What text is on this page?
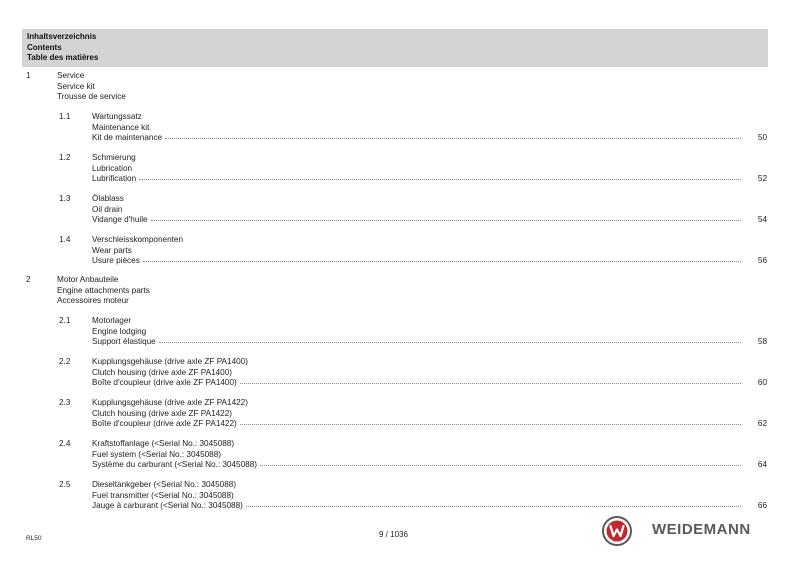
Inhaltsverzeichnis
Contents
Table des matières
1	Service
Service kit
Trousse de service
1.1	Wartungssatz
Maintenance kit
Kit de maintenance	50
1.2	Schmierung
Lubrication
Lubrification	52
1.3	Ölablass
Oil drain
Vidange d'huile	54
1.4	Verschleisskomponenten
Wear parts
Usure pièces	56
2	Motor Anbauteile
Engine attachments parts
Accessoires moteur
2.1	Motorlager
Engine lodging
Support élastique	58
2.2	Kupplungsgehäuse (drive axle ZF PA1400)
Clutch housing (drive axle ZF PA1400)
Boîte d'coupleur (drive axle ZF PA1400)	60
2.3	Kupplungsgehäuse (drive axle ZF PA1422)
Clutch housing (drive axle ZF PA1422)
Boîte d'coupleur (drive axle ZF PA1422)	62
2.4	Kraftstoffanlage (<Serial No.: 3045088)
Fuel system (<Serial No.: 3045088)
Système du carburant (<Serial No.: 3045088)	64
2.5	Dieseltankgeber (<Serial No.: 3045088)
Fuel transmitter (<Serial No.: 3045088)
Jauge à carburant (<Serial No.: 3045088)	66
RL50	9 / 1036	WEIDEMANN
